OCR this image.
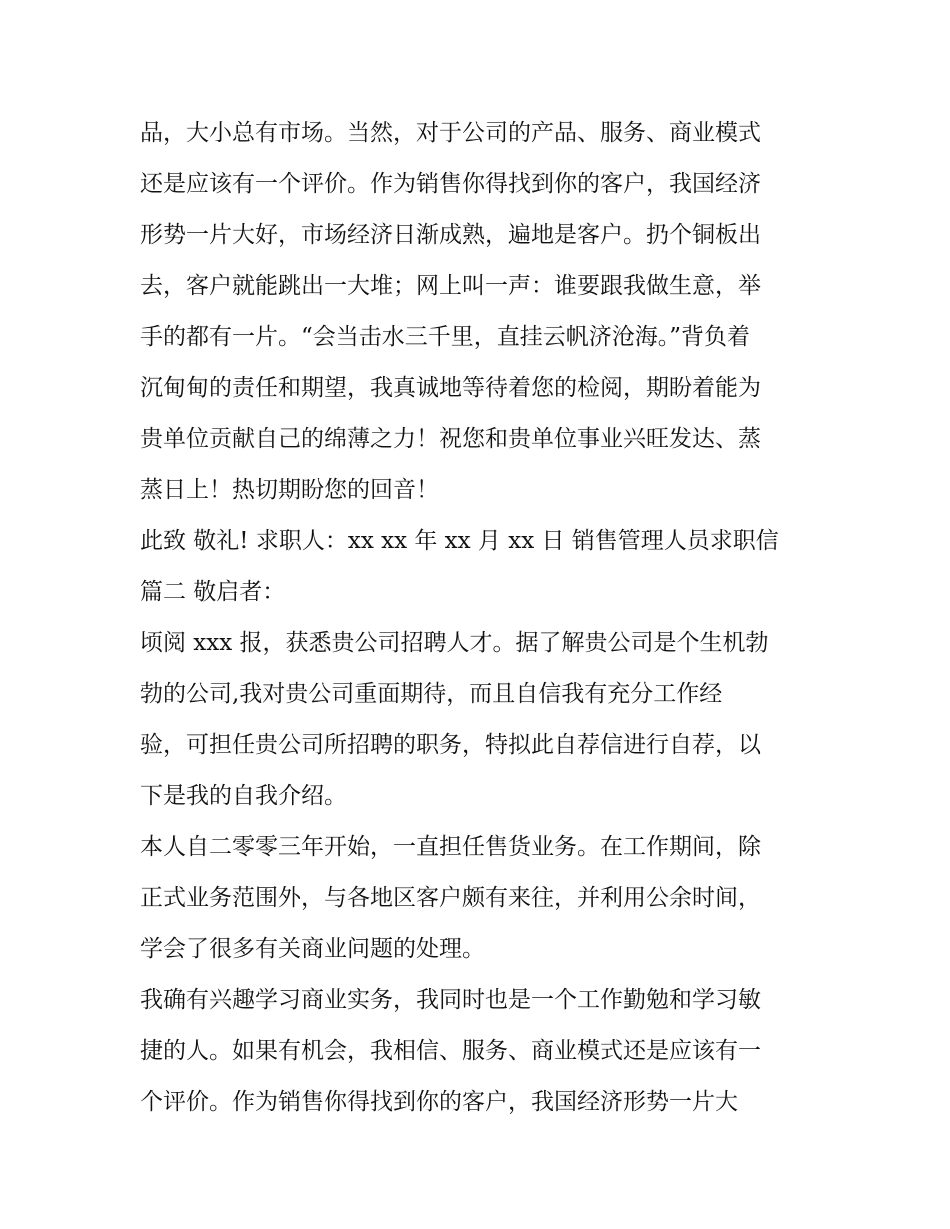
品，大小总有市场。当然，对于公司的产品、服务、商业模式
还是应该有一个评价。作为销售你得找到你的客户，我国经济
形势一片大好，市场经济日渐成熟，遍地是客户。扔个铜板出
去，客户就能跳出一大堆；网上叫一声：谁要跟我做生意，举
手的都有一片。“会当击水三千里，直挂云帆济沧海。”背负着
沉甸甸的责任和期望，我真诚地等待着您的检阅，期盼着能为
贵单位贡献自己的绵薄之力！祝您和贵单位事业兴旺发达、蒸
蒸日上！热切期盼您的回音！
此致 敬礼! 求职人：xx xx 年 xx 月 xx 日 销售管理人员求职信
篇二 敬启者：
顷阅 xxx 报，获悉贵公司招聘人才。据了解贵公司是个生机勃
勃的公司,我对贵公司重面期待，而且自信我有充分工作经
验，可担任贵公司所招聘的职务，特拟此自荐信进行自荐，以
下是我的自我介绍。
本人自二零零三年开始，一直担任售货业务。在工作期间，除
正式业务范围外，与各地区客户颇有来往，并利用公余时间，
学会了很多有关商业问题的处理。
我确有兴趣学习商业实务，我同时也是一个工作勤勉和学习敏
捷的人。如果有机会，我相信、服务、商业模式还是应该有一
个评价。作为销售你得找到你的客户，我国经济形势一片大
